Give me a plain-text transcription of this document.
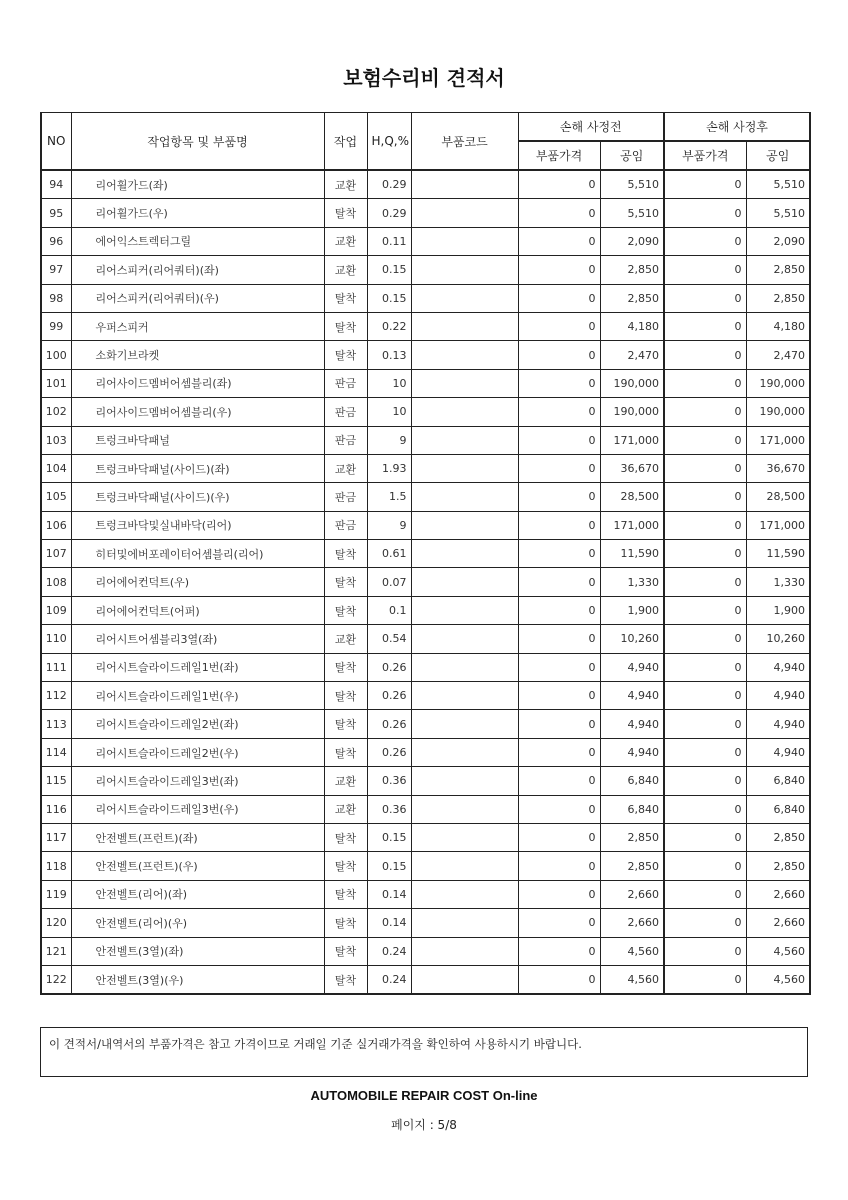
보험수리비 견적서
NO	작업항목 및 부품명	작업	H,Q,%	부품코드	손해 사정전		손해 사정후	
					부품가격	공임	부품가격	공임
94	리어휠가드(좌)	교환	0.29		0	5,510	0	5,510
95	리어휠가드(우)	탈착	0.29		0	5,510	0	5,510
96	에어익스트렉터그릴	교환	0.11		0	2,090	0	2,090
97	리어스피커(리어쿼터)(좌)	교환	0.15		0	2,850	0	2,850
98	리어스피커(리어쿼터)(우)	탈착	0.15		0	2,850	0	2,850
99	우퍼스피커	탈착	0.22		0	4,180	0	4,180
100	소화기브라켓	탈착	0.13		0	2,470	0	2,470
101	리어사이드멤버어셈블리(좌)	판금	10		0	190,000	0	190,000
102	리어사이드멤버어셈블리(우)	판금	10		0	190,000	0	190,000
103	트렁크바닥패널	판금	9		0	171,000	0	171,000
104	트렁크바닥패널(사이드)(좌)	교환	1.93		0	36,670	0	36,670
105	트렁크바닥패널(사이드)(우)	판금	1.5		0	28,500	0	28,500
106	트렁크바닥및실내바닥(리어)	판금	9		0	171,000	0	171,000
107	히터및에버포레이터어셈블리(리어)	탈착	0.61		0	11,590	0	11,590
108	리어에어컨덕트(우)	탈착	0.07		0	1,330	0	1,330
109	리어에어컨덕트(어퍼)	탈착	0.1		0	1,900	0	1,900
110	리어시트어셈블리3열(좌)	교환	0.54		0	10,260	0	10,260
111	리어시트슬라이드레일1번(좌)	탈착	0.26		0	4,940	0	4,940
112	리어시트슬라이드레일1번(우)	탈착	0.26		0	4,940	0	4,940
113	리어시트슬라이드레일2번(좌)	탈착	0.26		0	4,940	0	4,940
114	리어시트슬라이드레일2번(우)	탈착	0.26		0	4,940	0	4,940
115	리어시트슬라이드레일3번(좌)	교환	0.36		0	6,840	0	6,840
116	리어시트슬라이드레일3번(우)	교환	0.36		0	6,840	0	6,840
117	안전벨트(프런트)(좌)	탈착	0.15		0	2,850	0	2,850
118	안전벨트(프런트)(우)	탈착	0.15		0	2,850	0	2,850
119	안전벨트(리어)(좌)	탈착	0.14		0	2,660	0	2,660
120	안전벨트(리어)(우)	탈착	0.14		0	2,660	0	2,660
121	안전벨트(3열)(좌)	탈착	0.24		0	4,560	0	4,560
122	안전벨트(3열)(우)	탈착	0.24		0	4,560	0	4,560
이 견적서/내역서의 부품가격은 참고 가격이므로 거래일 기준 실거래가격을 확인하여 사용하시기 바랍니다.
AUTOMOBILE REPAIR COST On-line
페이지 : 5/8
